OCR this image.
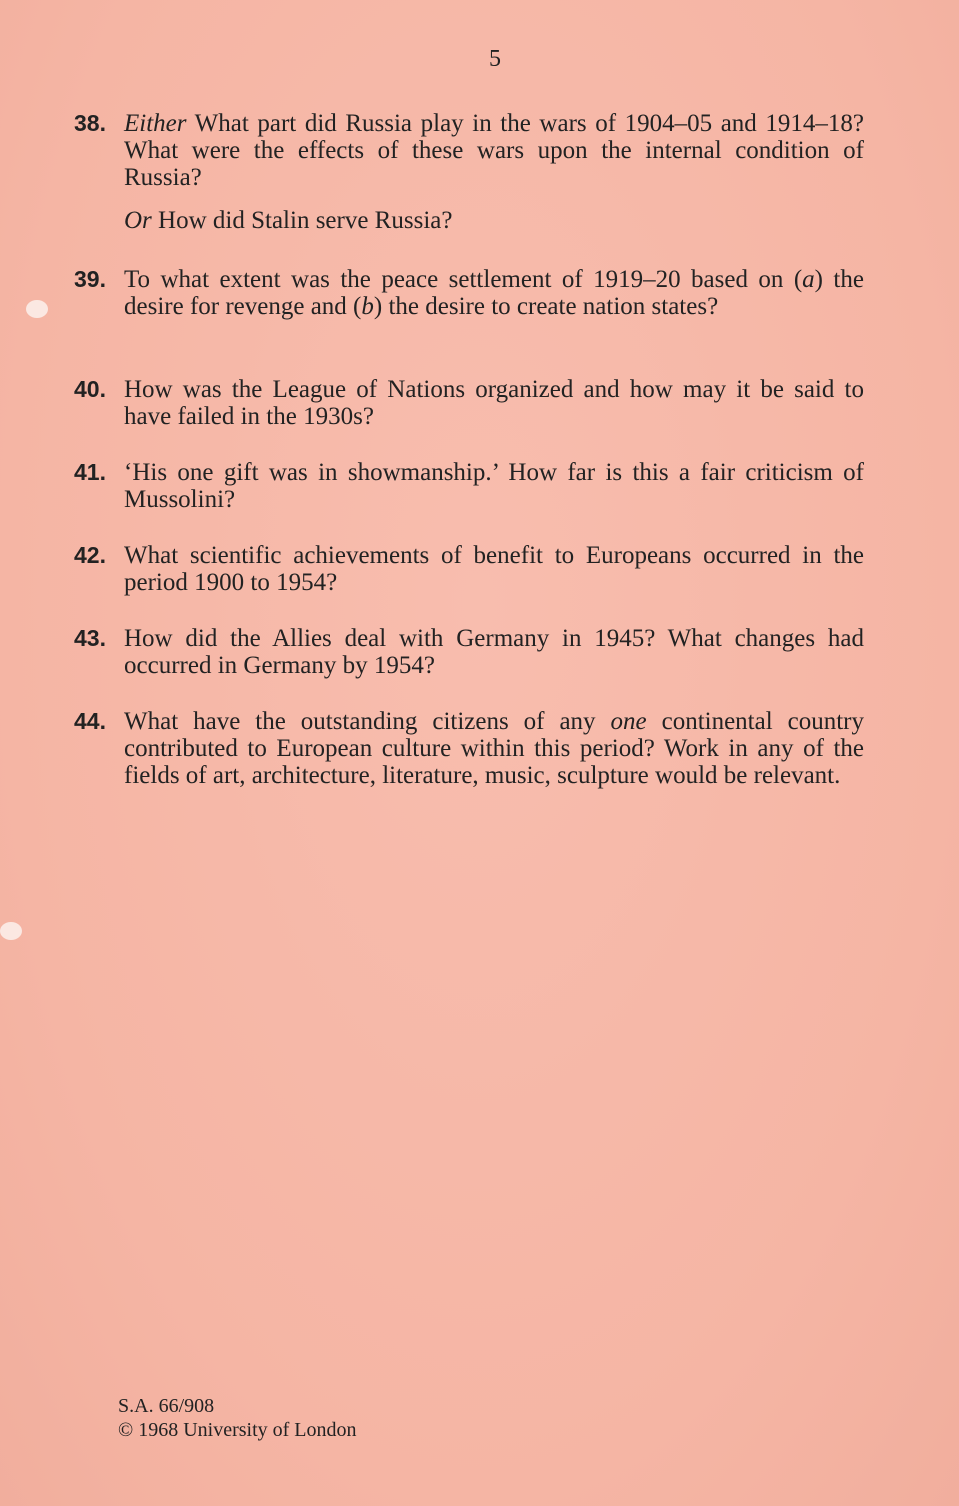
5
38. Either What part did Russia play in the wars of 1904–05 and 1914–18? What were the effects of these wars upon the internal condition of Russia?

Or How did Stalin serve Russia?

39. To what extent was the peace settlement of 1919–20 based on (a) the desire for revenge and (b) the desire to create nation states?

40. How was the League of Nations organized and how may it be said to have failed in the 1930s?

41. ‘His one gift was in showmanship.’ How far is this a fair criticism of Mussolini?

42. What scientific achievements of benefit to Europeans occurred in the period 1900 to 1954?

43. How did the Allies deal with Germany in 1945? What changes had occurred in Germany by 1954?

44. What have the outstanding citizens of any one continental country contributed to European culture within this period? Work in any of the fields of art, architecture, literature, music, sculpture would be relevant.

S.A. 66/908
© 1968 University of London
